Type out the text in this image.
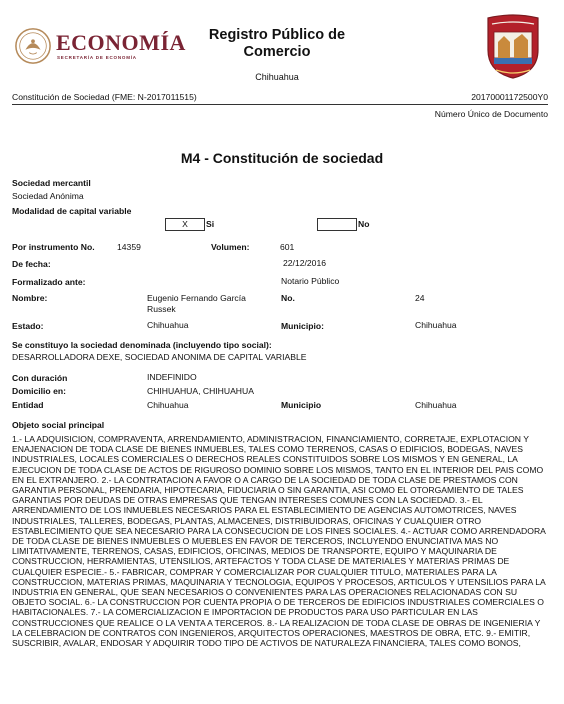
ECONOMÍA
SECRETARÍA DE ECONOMÍA
Registro Público de
Comercio
Chihuahua
Constitución de Sociedad (FME: N-2017011515)	20170001172500Y0
Número Único de Documento
M4 - Constitución de sociedad
Sociedad mercantil
Sociedad Anónima
Modalidad de capital variable
X	Si	No
Por instrumento No.	14359	Volumen:	601
De fecha:	22/12/2016
Formalizado ante:	Notario Público
Nombre:	Eugenio Fernando García
Russek
No.	24
Estado:	Chihuahua	Municipio:	Chihuahua
Se constituyo la sociedad denominada (incluyendo tipo social):
DESARROLLADORA DEXE, SOCIEDAD ANONIMA DE CAPITAL VARIABLE
Con duración	INDEFINIDO
Domicilio en:	CHIHUAHUA, CHIHUAHUA
Entidad	Chihuahua	Municipio	Chihuahua
Objeto social principal
1.- LA ADQUISICION, COMPRAVENTA, ARRENDAMIENTO, ADMINISTRACION, FINANCIAMIENTO, CORRETAJE, EXPLOTACION Y ENAJENACION DE TODA CLASE DE BIENES INMUEBLES, TALES COMO TERRENOS, CASAS O EDIFICIOS, BODEGAS, NAVES INDUSTRIALES, LOCALES COMERCIALES O DERECHOS REALES CONSTITUIDOS SOBRE LOS MISMOS Y EN GENERAL, LA EJECUCION DE TODA CLASE DE ACTOS DE RIGUROSO DOMINIO SOBRE LOS MISMOS, TANTO EN EL INTERIOR DEL PAIS COMO EN EL EXTRANJERO. 2.- LA CONTRATACION A FAVOR O A CARGO DE LA SOCIEDAD DE TODA CLASE DE PRESTAMOS CON GARANTIA PERSONAL, PRENDARIA, HIPOTECARIA, FIDUCIARIA O SIN GARANTIA, ASI COMO EL OTORGAMIENTO DE TALES GARANTIAS POR DEUDAS DE OTRAS EMPRESAS QUE TENGAN INTERESES COMUNES CON LA SOCIEDAD. 3.- EL ARRENDAMIENTO DE LOS INMUEBLES NECESARIOS PARA EL ESTABLECIMIENTO DE AGENCIAS AUTOMOTRICES, NAVES INDUSTRIALES, TALLERES, BODEGAS, PLANTAS, ALMACENES, DISTRIBUIDORAS, OFICINAS Y CUALQUIER OTRO ESTABLECIMIENTO QUE SEA NECESARIO PARA LA CONSECUCION DE LOS FINES SOCIALES. 4.- ACTUAR COMO ARRENDADORA DE TODA CLASE DE BIENES INMUEBLES O MUEBLES EN FAVOR DE TERCEROS, INCLUYENDO ENUNCIATIVA MAS NO LIMITATIVAMENTE, TERRENOS, CASAS, EDIFICIOS, OFICINAS, MEDIOS DE TRANSPORTE, EQUIPO Y MAQUINARIA DE CONSTRUCCION, HERRAMIENTAS, UTENSILIOS, ARTEFACTOS Y TODA CLASE DE MATERIALES Y MATERIAS PRIMAS DE CUALQUIER ESPECIE.- 5.- FABRICAR, COMPRAR Y COMERCIALIZAR POR CUALQUIER TITULO, MATERIALES PARA LA CONSTRUCCION, MATERIAS PRIMAS, MAQUINARIA Y TECNOLOGIA, EQUIPOS Y PROCESOS, ARTICULOS Y UTENSILIOS PARA LA INDUSTRIA EN GENERAL, QUE SEAN NECESARIOS O CONVENIENTES PARA LAS OPERACIONES RELACIONADAS CON SU OBJETO SOCIAL. 6.- LA CONSTRUCCION POR CUENTA PROPIA O DE TERCEROS DE EDIFICIOS INDUSTRIALES COMERCIALES O HABITACIONALES. 7.- LA COMERCIALIZACION E IMPORTACION DE PRODUCTOS PARA USO PARTICULAR EN LAS CONSTRUCCIONES QUE REALICE O LA VENTA A TERCEROS. 8.- LA REALIZACION DE TODA CLASE DE OBRAS DE INGENIERIA Y LA CELEBRACION DE CONTRATOS CON INGENIEROS, ARQUITECTOS OPERACIONES, MAESTROS DE OBRA, ETC. 9.- EMITIR, SUSCRIBIR, AVALAR, ENDOSAR Y ADQUIRIR TODO TIPO DE ACTIVOS DE NATURALEZA FINANCIERA, TALES COMO BONOS,
